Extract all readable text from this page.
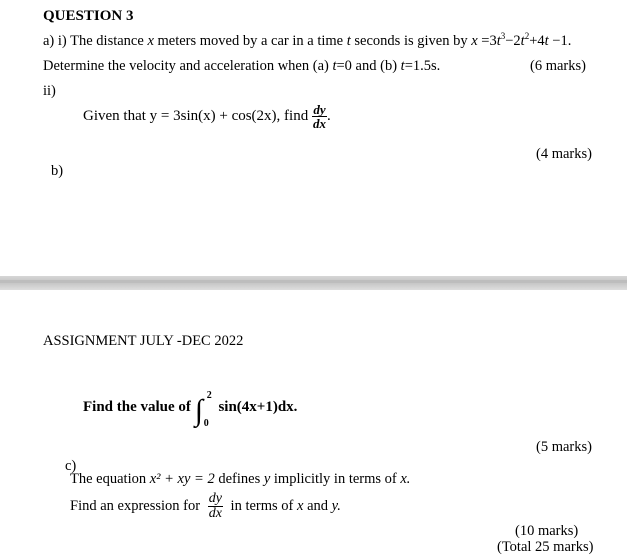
QUESTION 3
a) i) The distance x meters moved by a car in a time t seconds is given by $x =3t^3-2t^2+4t -1$.
Determine the velocity and acceleration when (a) t=0 and (b) t=1.5s.	(6 marks)
ii)
Given that y = 3sin(x) + cos(2x), find $\frac{dy}{dx}$ .
(4 marks)
b)
ASSIGNMENT JULY -DEC 2022
Find the value of ∫ 2
0
sin(4x+1)dx.
(5 marks)
c)
The equation x² + xy = 2 defines y implicitly in terms of x.
Find an expression for $\frac{dy}{dx}$ in terms of x and y.
(10 marks)
(Total 25 marks)
